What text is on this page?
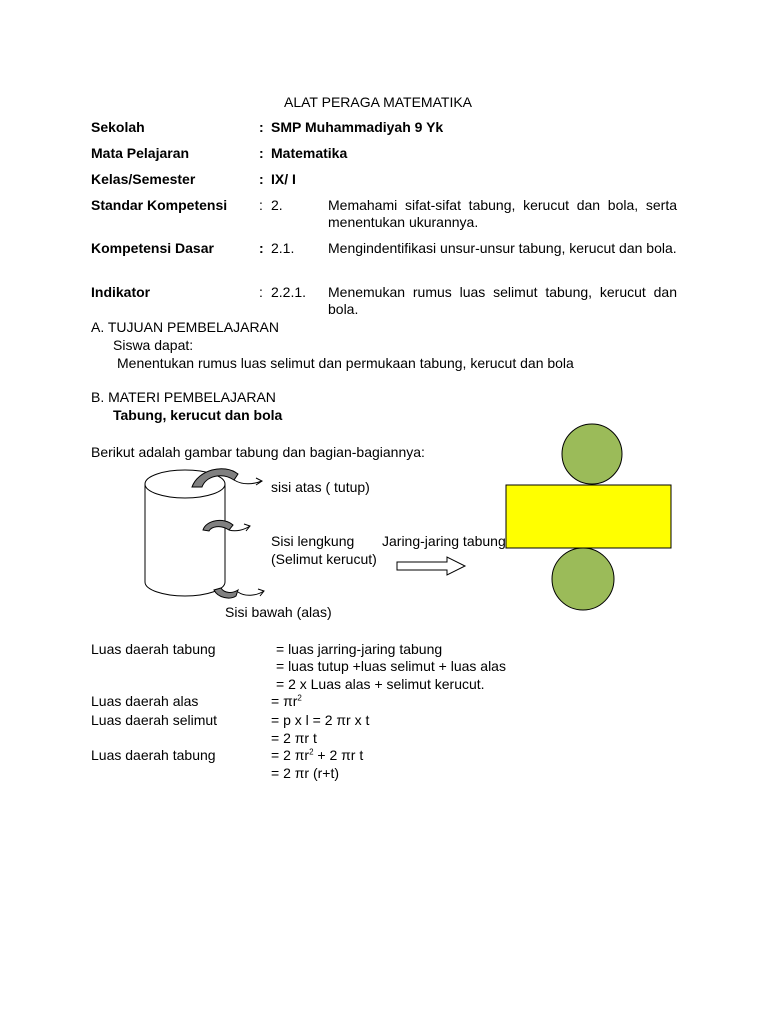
ALAT PERAGA MATEMATIKA
Sekolah	: SMP Muhammadiyah 9 Yk
Mata Pelajaran	: Matematika
Kelas/Semester	: IX/ I
Standar Kompetensi : 2.	Memahami sifat-sifat tabung, kerucut dan bola, serta menentukan ukurannya.
Kompetensi Dasar	: 2.1. Mengindentifikasi unsur-unsur tabung, kerucut dan bola.
Indikator	: 2.2.1. Menemukan rumus luas selimut tabung, kerucut dan bola.
A. TUJUAN PEMBELAJARAN
Siswa dapat:
Menentukan rumus luas selimut dan permukaan tabung, kerucut dan bola
B. MATERI PEMBELAJARAN
Tabung, kerucut dan bola
Berikut adalah gambar tabung dan bagian-bagiannya:
sisi atas ( tutup)
Sisi lengkung Jaring-jaring tabung
(Selimut kerucut)
Sisi bawah (alas)
Luas daerah tabung	= luas jarring-jaring tabung
= luas tutup +luas selimut + luas alas
= 2 x Luas alas + selimut kerucut.
Luas daerah alas	= $\pi r^2$
Luas daerah selimut	= p x l = 2 πr x t
= 2 πr t
Luas daerah tabung	= 2 $\pi r^2 + 2$ πr t
= 2 πr (r+t)
